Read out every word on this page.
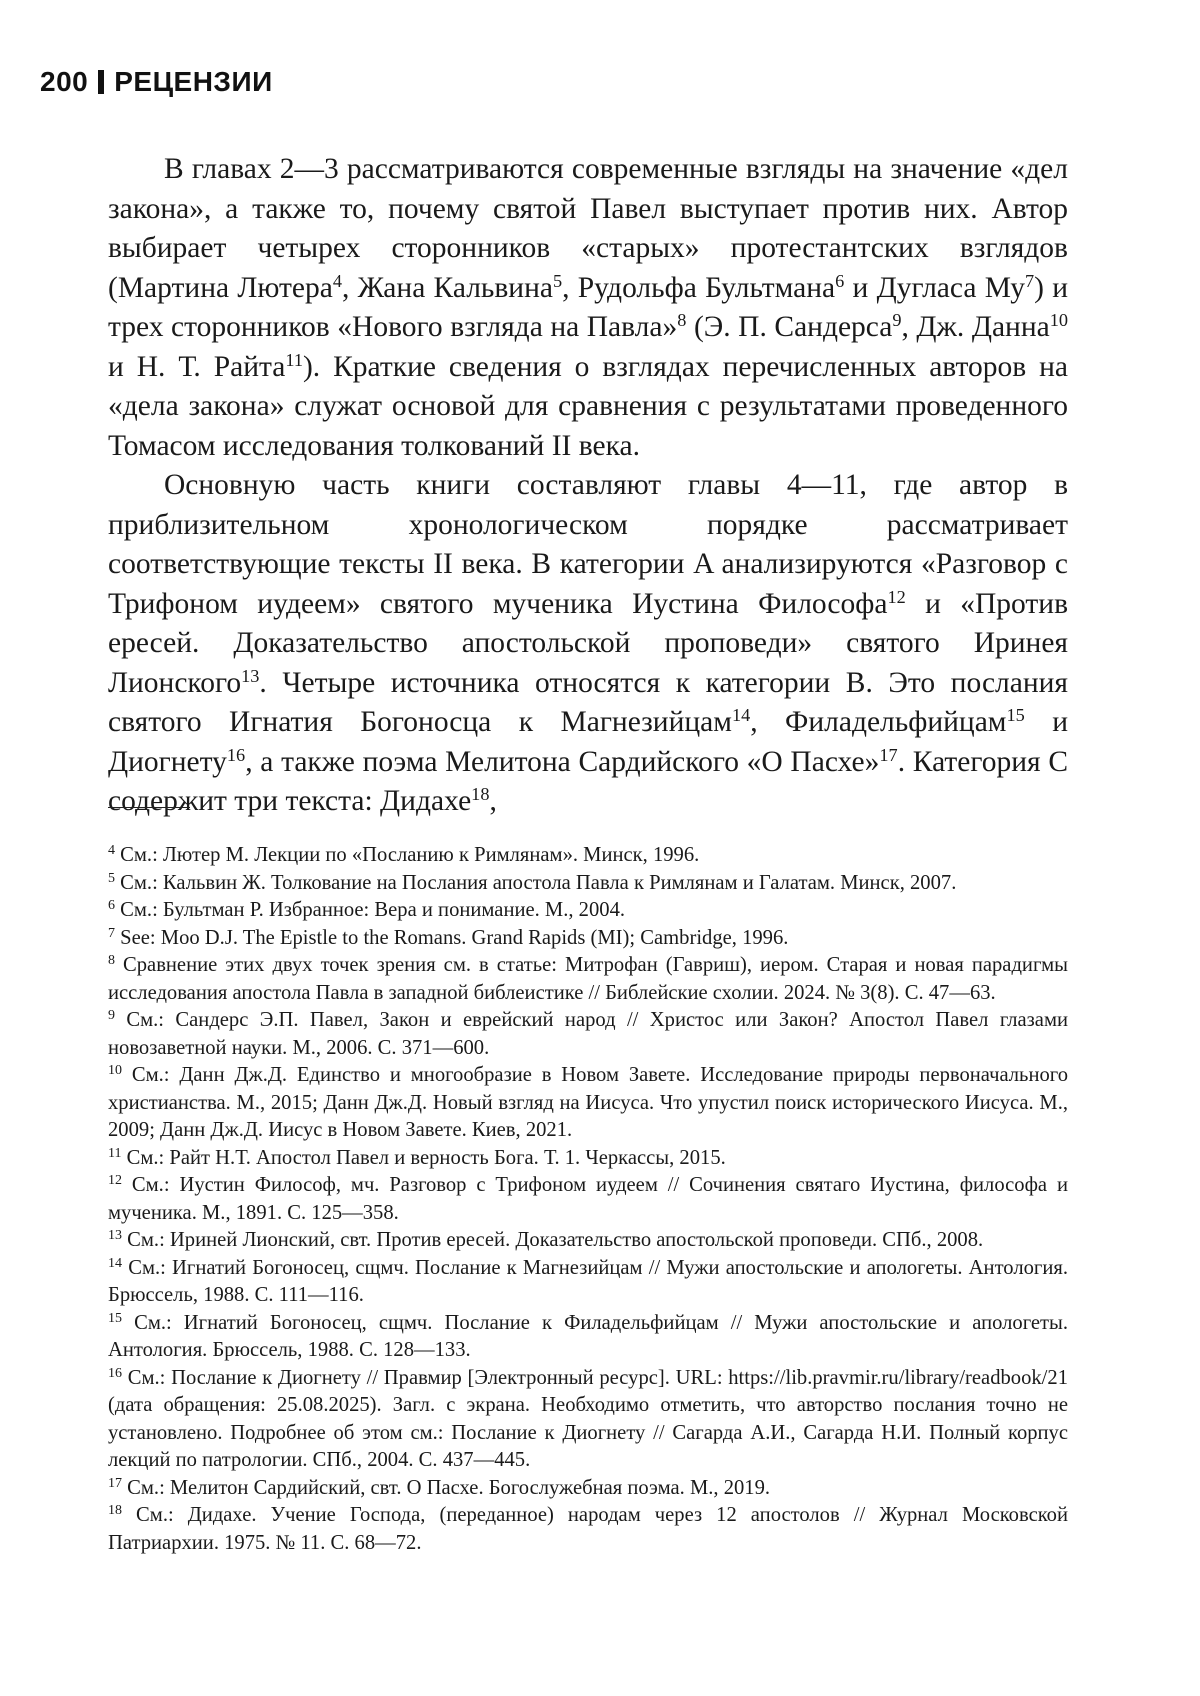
200 РЕЦЕНЗИИ

В главах 2—3 рассматриваются современные взгляды на значение «дел закона», а также то, почему святой Павел выступает против них. Автор выбирает четырех сторонников «старых» протестантских взглядов (Мартина Лютера$^4$, Жана Кальвина$^5$, Рудольфа Бультмана$^6$ и Дугласа $Му^7$) и трех сторонников «Нового взгляда на Павла»$^8$ (Э. П. Сандерса$^9$, Дж. Данна$^{10}$ и Н. Т. Райта$^{11}$). Краткие сведения о взглядах перечисленных авторов на «дела закона» служат основой для сравнения с результатами проведенного Томасом исследования толкований II века.

Основную часть книги составляют главы 4—11, где автор в приблизительном хронологическом порядке рассматривает соответствующие тексты II века. В категории A анализируются «Разговор с Трифоном иудеем» святого мученика Иустина Философа$^{12}$ и «Против ересей. Доказательство апостольской проповеди» святого Иринея Лионского$^{13}$. Четыре источника относятся к категории B. Это послания святого Игнатия Богоносца к Магнезийцам$^{14}$, Филадельфийцам$^{15}$ и Диогнету$^{16}$, а также поэма Мелитона Сардийского «О Пасхе»$^{17}$. Категория C содержит три текста: Дидахе$^{18}$,

$^4$ См.: Лютер М. Лекции по «Посланию к Римлянам». Минск, 1996.
$^5$ См.: Кальвин Ж. Толкование на Послания апостола Павла к Римлянам и Галатам. Минск, 2007.
$^6$ См.: Бультман Р. Избранное: Вера и понимание. М., 2004.
$^7$ See: Moo D.J. The Epistle to the Romans. Grand Rapids (MI); Cambridge, 1996.
$^8$ Сравнение этих двух точек зрения см. в статье: Митрофан (Гавриш), иером. Старая и новая парадигмы исследования апостола Павла в западной библеистике // Библейские схолии. 2024. № 3(8). С. 47—63.
$^9$ См.: Сандерс Э.П. Павел, Закон и еврейский народ // Христос или Закон? Апостол Павел глазами новозаветной науки. М., 2006. С. 371—600.
$^{10}$ См.: Данн Дж.Д. Единство и многообразие в Новом Завете. Исследование природы первоначального христианства. М., 2015; Данн Дж.Д. Новый взгляд на Иисуса. Что упустил поиск исторического Иисуса. М., 2009; Данн Дж.Д. Иисус в Новом Завете. Киев, 2021.
$^{11}$ См.: Райт Н.Т. Апостол Павел и верность Бога. Т. 1. Черкассы, 2015.
$^{12}$ См.: Иустин Философ, мч. Разговор с Трифоном иудеем // Сочинения святаго Иустина, философа и мученика. М., 1891. С. 125—358.
$^{13}$ См.: Ириней Лионский, свт. Против ересей. Доказательство апостольской проповеди. СПб., 2008.
$^{14}$ См.: Игнатий Богоносец, сщмч. Послание к Магнезийцам // Мужи апостольские и апологеты. Антология. Брюссель, 1988. С. 111—116.
$^{15}$ См.: Игнатий Богоносец, сщмч. Послание к Филадельфийцам // Мужи апостольские и апологеты. Антология. Брюссель, 1988. С. 128—133.
$^{16}$ См.: Послание к Диогнету // Правмир [Электронный ресурс]. URL: https://lib.pravmir.ru/library/readbook/21 (дата обращения: 25.08.2025). Загл. с экрана. Необходимо отметить, что авторство послания точно не установлено. Подробнее об этом см.: Послание к Диогнету // Сагарда А.И., Сагарда Н.И. Полный корпус лекций по патрологии. СПб., 2004. С. 437—445.
$^{17}$ См.: Мелитон Сардийский, свт. О Пасхе. Богослужебная поэма. М., 2019.
$^{18}$ См.: Дидахе. Учение Господа, (переданное) народам через 12 апостолов // Журнал Московской Патриархии. 1975. № 11. С. 68—72.
